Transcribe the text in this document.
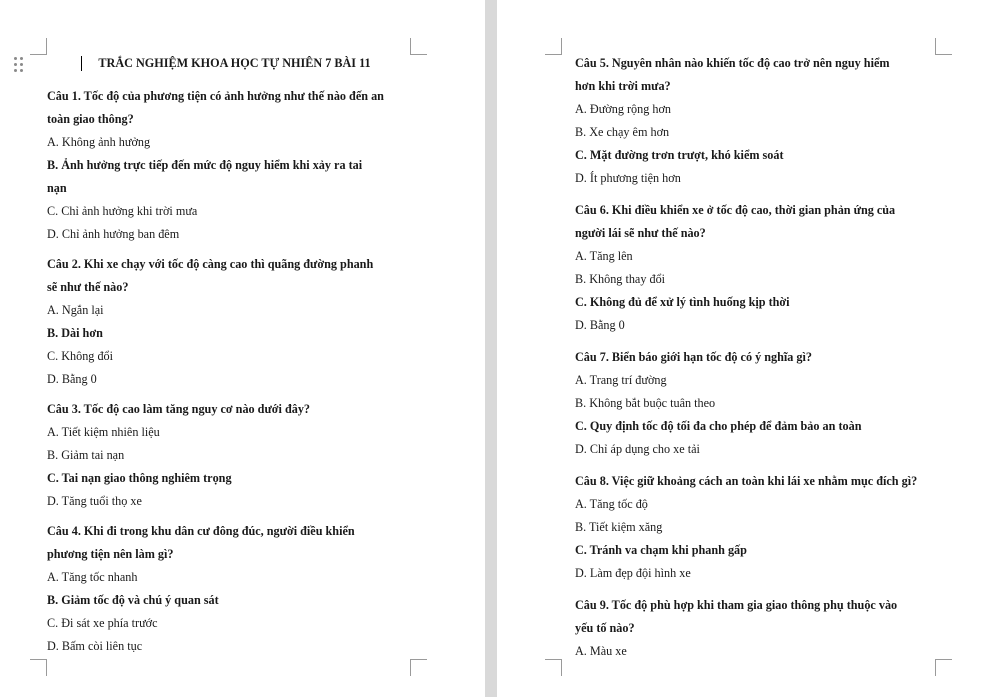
TRẮC NGHIỆM KHOA HỌC TỰ NHIÊN 7 BÀI 11
Câu 1. Tốc độ của phương tiện có ảnh hưởng như thế nào đến an
toàn giao thông?
A. Không ảnh hưởng
B. Ảnh hưởng trực tiếp đến mức độ nguy hiểm khi xảy ra tai
nạn
C. Chỉ ảnh hưởng khi trời mưa
D. Chỉ ảnh hưởng ban đêm
Câu 2. Khi xe chạy với tốc độ càng cao thì quãng đường phanh
sẽ như thế nào?
A. Ngắn lại
B. Dài hơn
C. Không đổi
D. Bằng 0
Câu 3. Tốc độ cao làm tăng nguy cơ nào dưới đây?
A. Tiết kiệm nhiên liệu
B. Giảm tai nạn
C. Tai nạn giao thông nghiêm trọng
D. Tăng tuổi thọ xe
Câu 4. Khi đi trong khu dân cư đông đúc, người điều khiển
phương tiện nên làm gì?
A. Tăng tốc nhanh
B. Giảm tốc độ và chú ý quan sát
C. Đi sát xe phía trước
D. Bấm còi liên tục
Câu 5. Nguyên nhân nào khiến tốc độ cao trở nên nguy hiểm
hơn khi trời mưa?
A. Đường rộng hơn
B. Xe chạy êm hơn
C. Mặt đường trơn trượt, khó kiểm soát
D. Ít phương tiện hơn
Câu 6. Khi điều khiển xe ở tốc độ cao, thời gian phản ứng của
người lái sẽ như thế nào?
A. Tăng lên
B. Không thay đổi
C. Không đủ để xử lý tình huống kịp thời
D. Bằng 0
Câu 7. Biển báo giới hạn tốc độ có ý nghĩa gì?
A. Trang trí đường
B. Không bắt buộc tuân theo
C. Quy định tốc độ tối đa cho phép để đảm bảo an toàn
D. Chỉ áp dụng cho xe tải
Câu 8. Việc giữ khoảng cách an toàn khi lái xe nhằm mục đích gì?
A. Tăng tốc độ
B. Tiết kiệm xăng
C. Tránh va chạm khi phanh gấp
D. Làm đẹp đội hình xe
Câu 9. Tốc độ phù hợp khi tham gia giao thông phụ thuộc vào
yếu tố nào?
A. Màu xe
